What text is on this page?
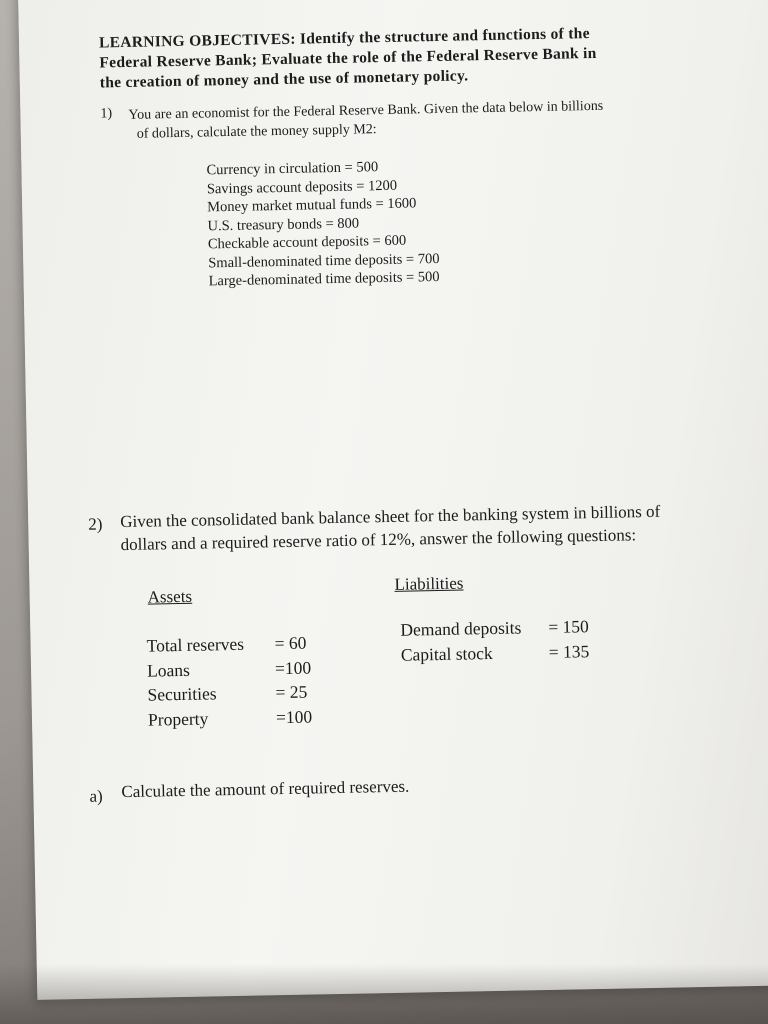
LEARNING OBJECTIVES: Identify the structure and functions of the
Federal Reserve Bank; Evaluate the role of the Federal Reserve Bank in
the creation of money and the use of monetary policy.
1) You are an economist for the Federal Reserve Bank. Given the data below in billions
of dollars, calculate the money supply M2:
Currency in circulation = 500
Savings account deposits = 1200
Money market mutual funds = 1600
U.S. treasury bonds = 800
Checkable account deposits = 600
Small-denominated time deposits = 700
Large-denominated time deposits = 500
2) Given the consolidated bank balance sheet for the banking system in billions of
dollars and a required reserve ratio of 12%, answer the following questions:
Assets
Liabilities
Total reserves = 60
Loans	=100
Securities	= 25
Property	=100
Demand deposits = 150
Capital stock	= 135
a) Calculate the amount of required reserves.
